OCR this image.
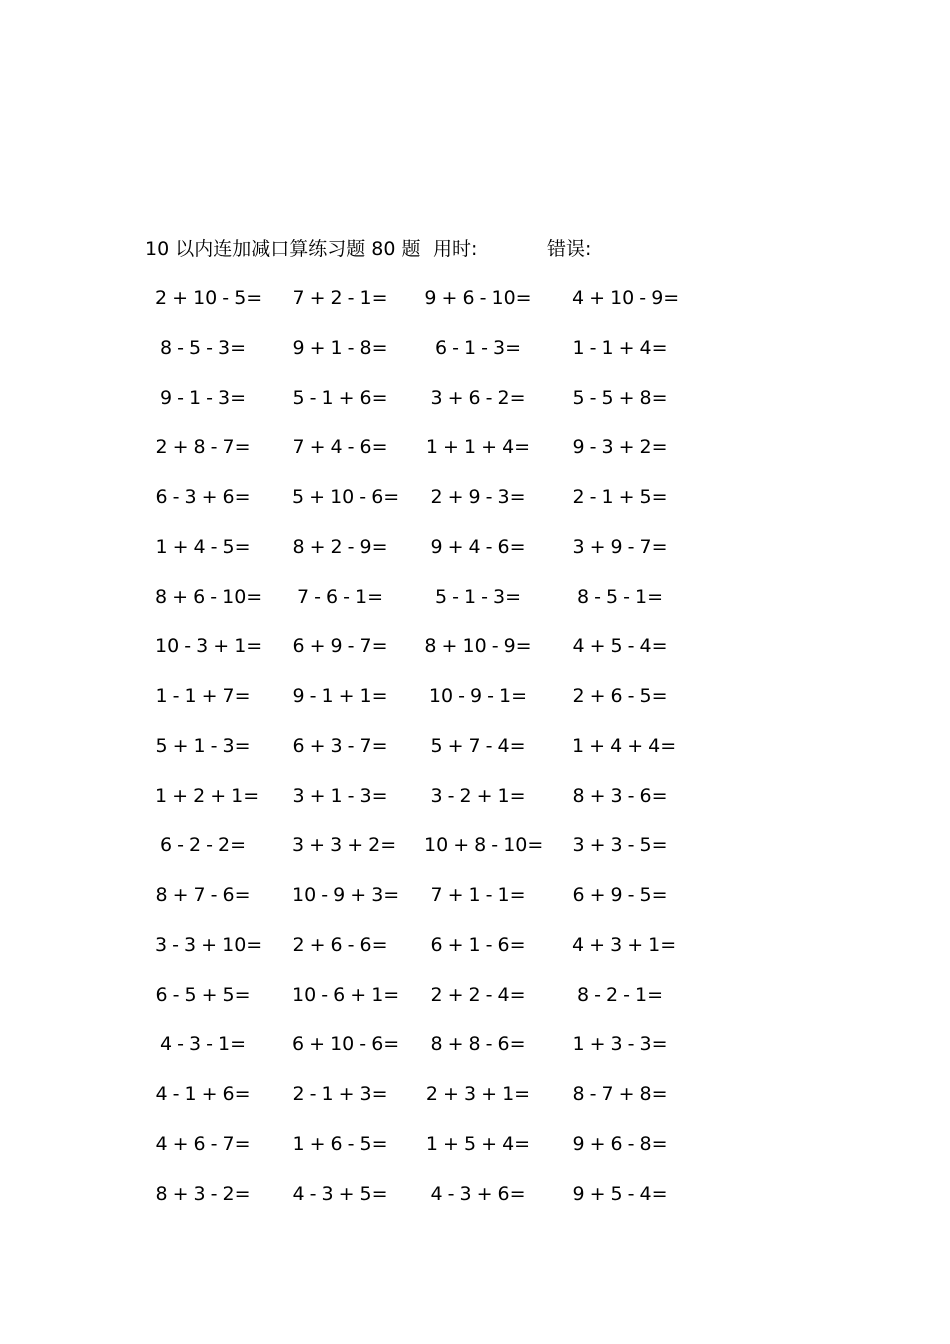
10 以内连加减口算练习题 80 题 用时:	错误:
2 + 10 - 5= 7 + 2 - 1= 9 + 6 - 10= 4 + 10 - 9=
8 - 5 - 3= 9 + 1 - 8= 6 - 1 - 3=	1 - 1 + 4=
9 - 1 - 3= 5 - 1 + 6= 3 + 6 - 2= 5 - 5 + 8=
2 + 8 - 7= 7 + 4 - 6= 1 + 1 + 4= 9 - 3 + 2=
6 - 3 + 6= 5 + 10 - 6= 2 + 9 - 3= 2 - 1 + 5=
1 + 4 - 5= 8 + 2 - 9= 9 + 4 - 6= 3 + 9 - 7=
8 + 6 - 10= 7 - 6 - 1=	5 - 1 - 3=	8 - 5 - 1=
10 - 3 + 1= 6 + 9 - 7= 8 + 10 - 9= 4 + 5 - 4=
1 - 1 + 7= 9 - 1 + 1= 10 - 9 - 1= 2 + 6 - 5=
5 + 1 - 3= 6 + 3 - 7= 5 + 7 - 4= 1 + 4 + 4=
1 + 2 + 1= 3 + 1 - 3= 3 - 2 + 1= 8 + 3 - 6=
6 - 2 - 2= 3 + 3 + 2= 10 + 8 - 10= 3 + 3 - 5=
8 + 7 - 6= 10 - 9 + 3= 7 + 1 - 1= 6 + 9 - 5=
3 - 3 + 10= 2 + 6 - 6= 6 + 1 - 6= 4 + 3 + 1=
6 - 5 + 5= 10 - 6 + 1= 2 + 2 - 4=	8 - 2 - 1=
4 - 3 - 1= 6 + 10 - 6= 8 + 8 - 6= 1 + 3 - 3=
4 - 1 + 6= 2 - 1 + 3= 2 + 3 + 1= 8 - 7 + 8=
4 + 6 - 7= 1 + 6 - 5= 1 + 5 + 4= 9 + 6 - 8=
8 + 3 - 2= 4 - 3 + 5= 4 - 3 + 6= 9 + 5 - 4=
